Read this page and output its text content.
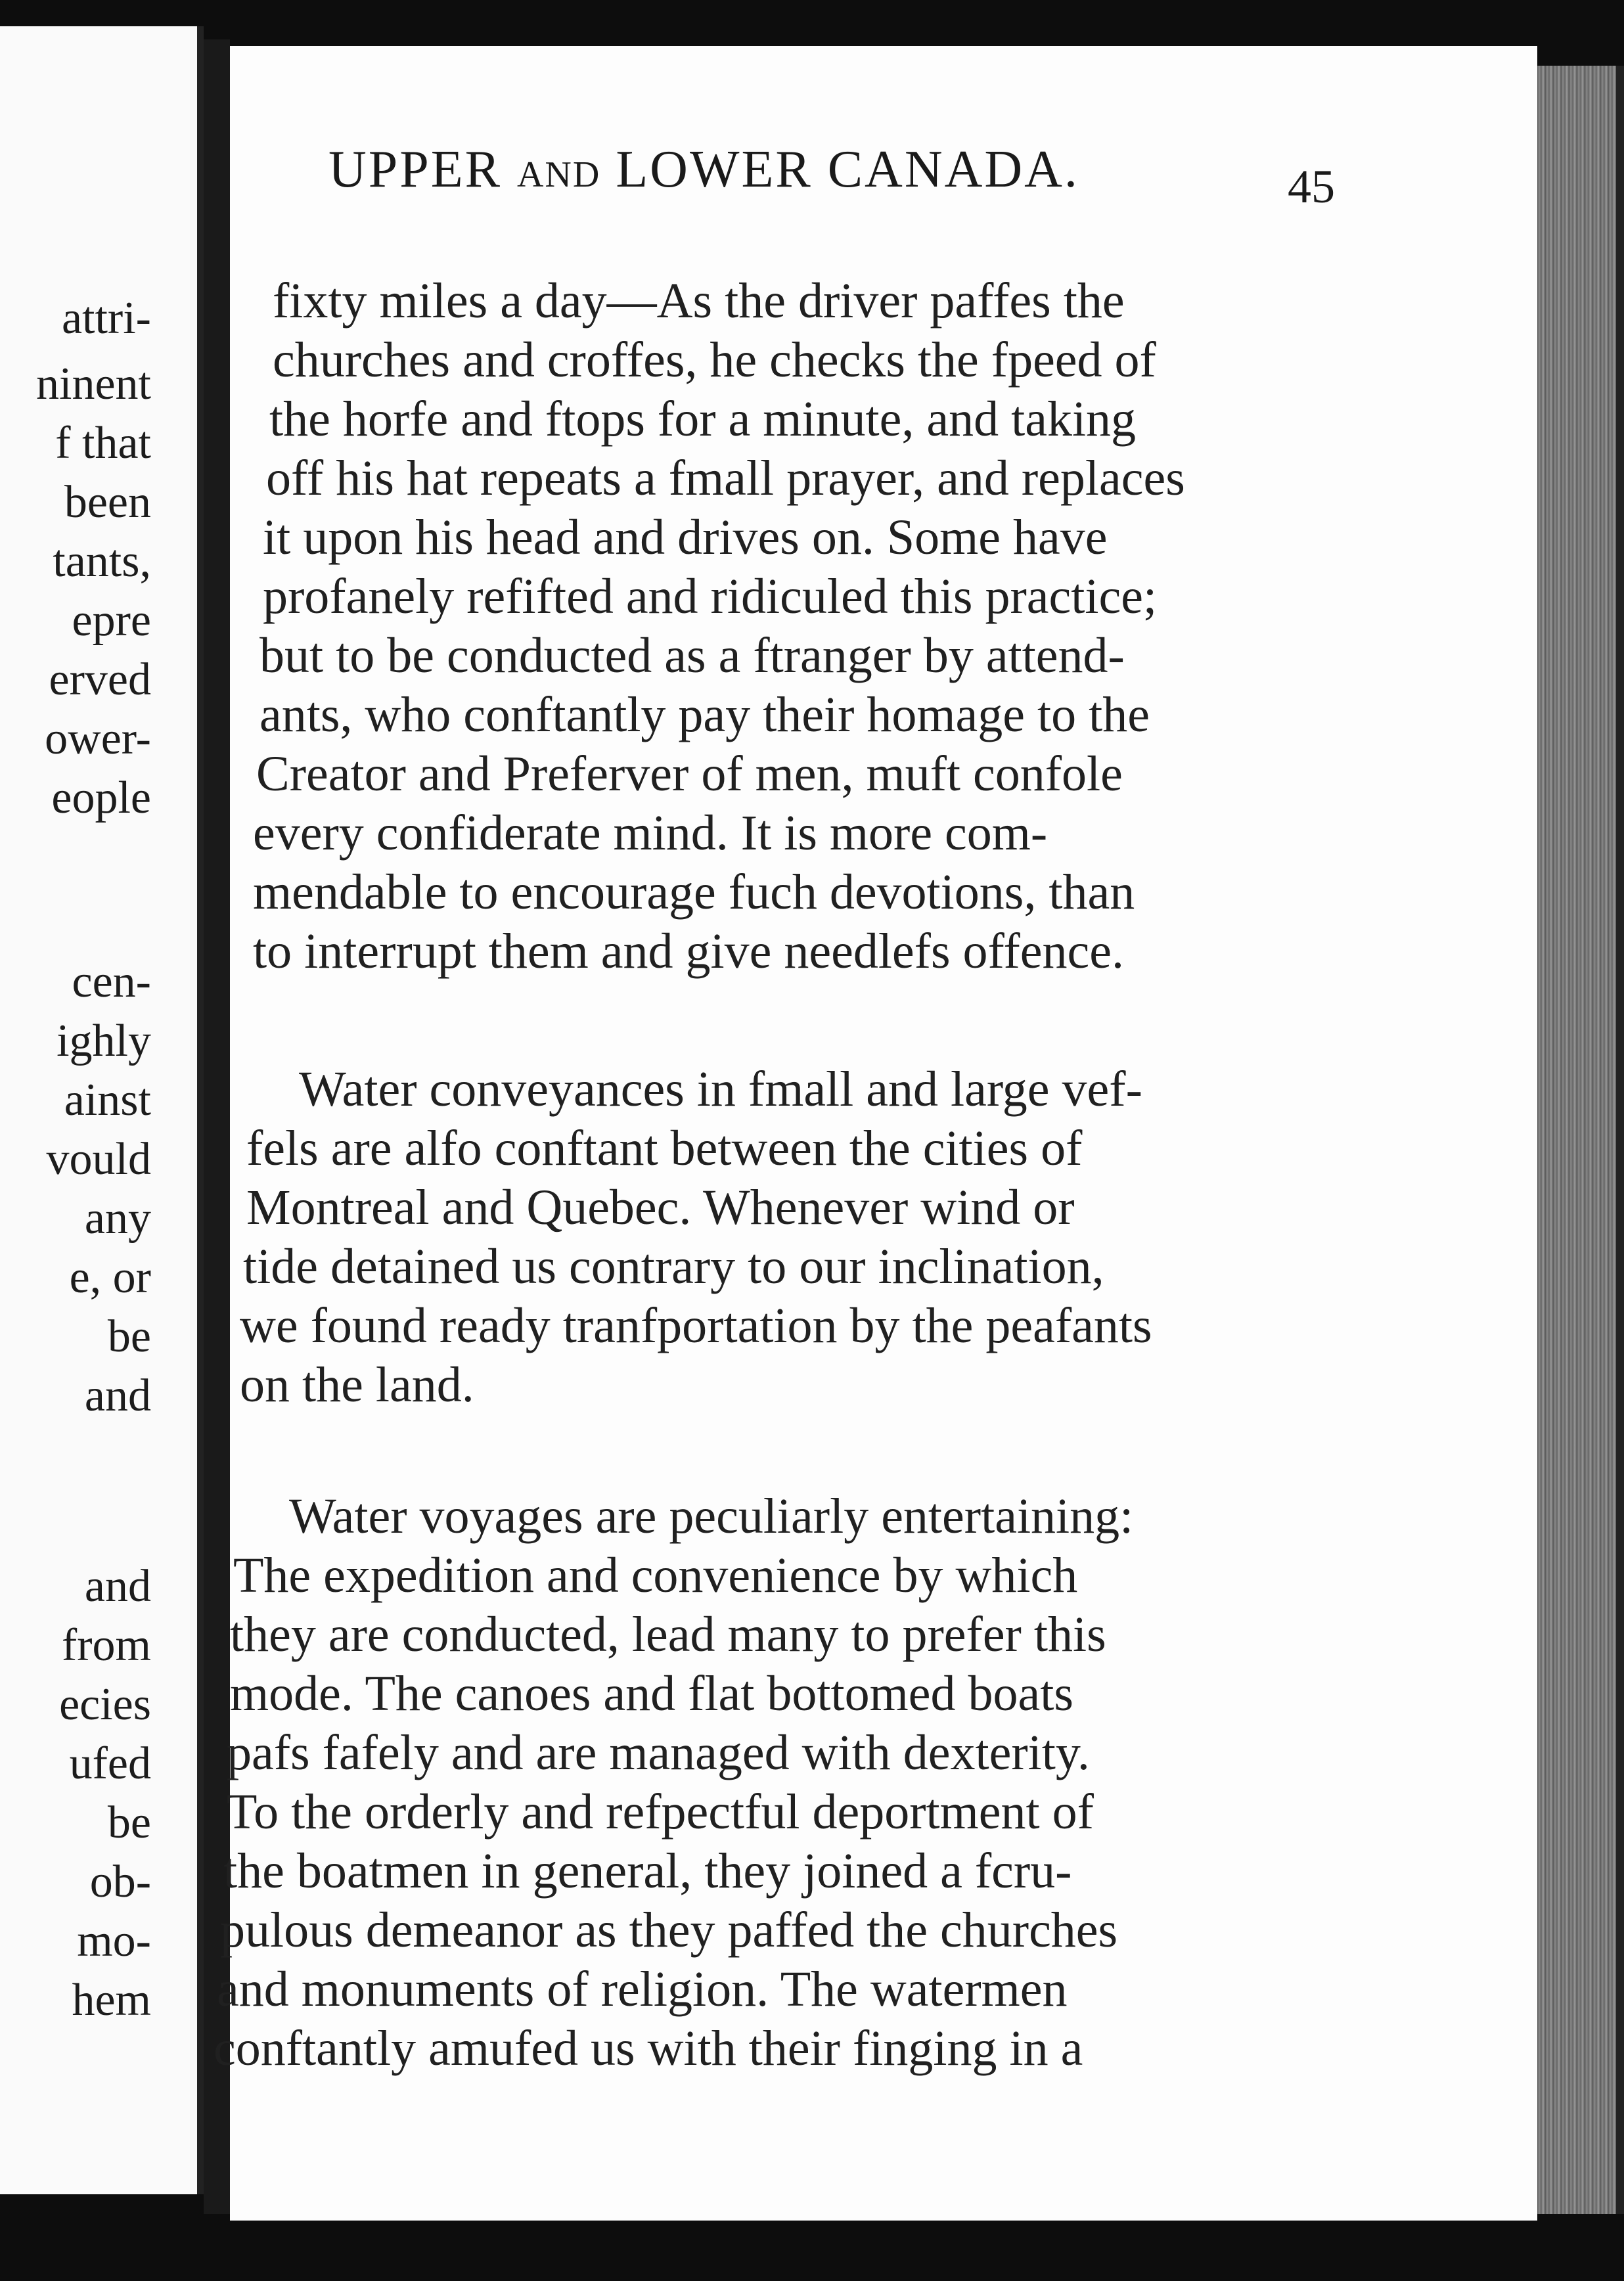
attri-
ninent
f that
been
tants,
epre
erved
ower-
eople
cen-
ighly
ainst
vould
any
e, or
be
and
and
from
ecies
ufed
be
ob-
mo-
hem
UPPER AND LOWER CANADA.	45
fixty miles a day—As the driver paffes the
churches and croffes, he checks the fpeed of
the horfe and ftops for a minute, and taking
off his hat repeats a fmall prayer, and replaces
it upon his head and drives on. Some have
profanely refifted and ridiculed this practice;
but to be conducted as a ftranger by attend-
ants, who conftantly pay their homage to the
Creator and Preferver of men, muft confole
every confiderate mind. It is more com-
mendable to encourage fuch devotions, than
to interrupt them and give needlefs offence.
Water conveyances in fmall and large vef-
fels are alfo conftant between the cities of
Montreal and Quebec. Whenever wind or
tide detained us contrary to our inclination,
we found ready tranfportation by the peafants
on the land.
Water voyages are peculiarly entertaining:
The expedition and convenience by which
they are conducted, lead many to prefer this
mode. The canoes and flat bottomed boats
pafs fafely and are managed with dexterity.
To the orderly and refpectful deportment of
the boatmen in general, they joined a fcru-
pulous demeanor as they paffed the churches
and monuments of religion. The watermen
conftantly amufed us with their finging in a
